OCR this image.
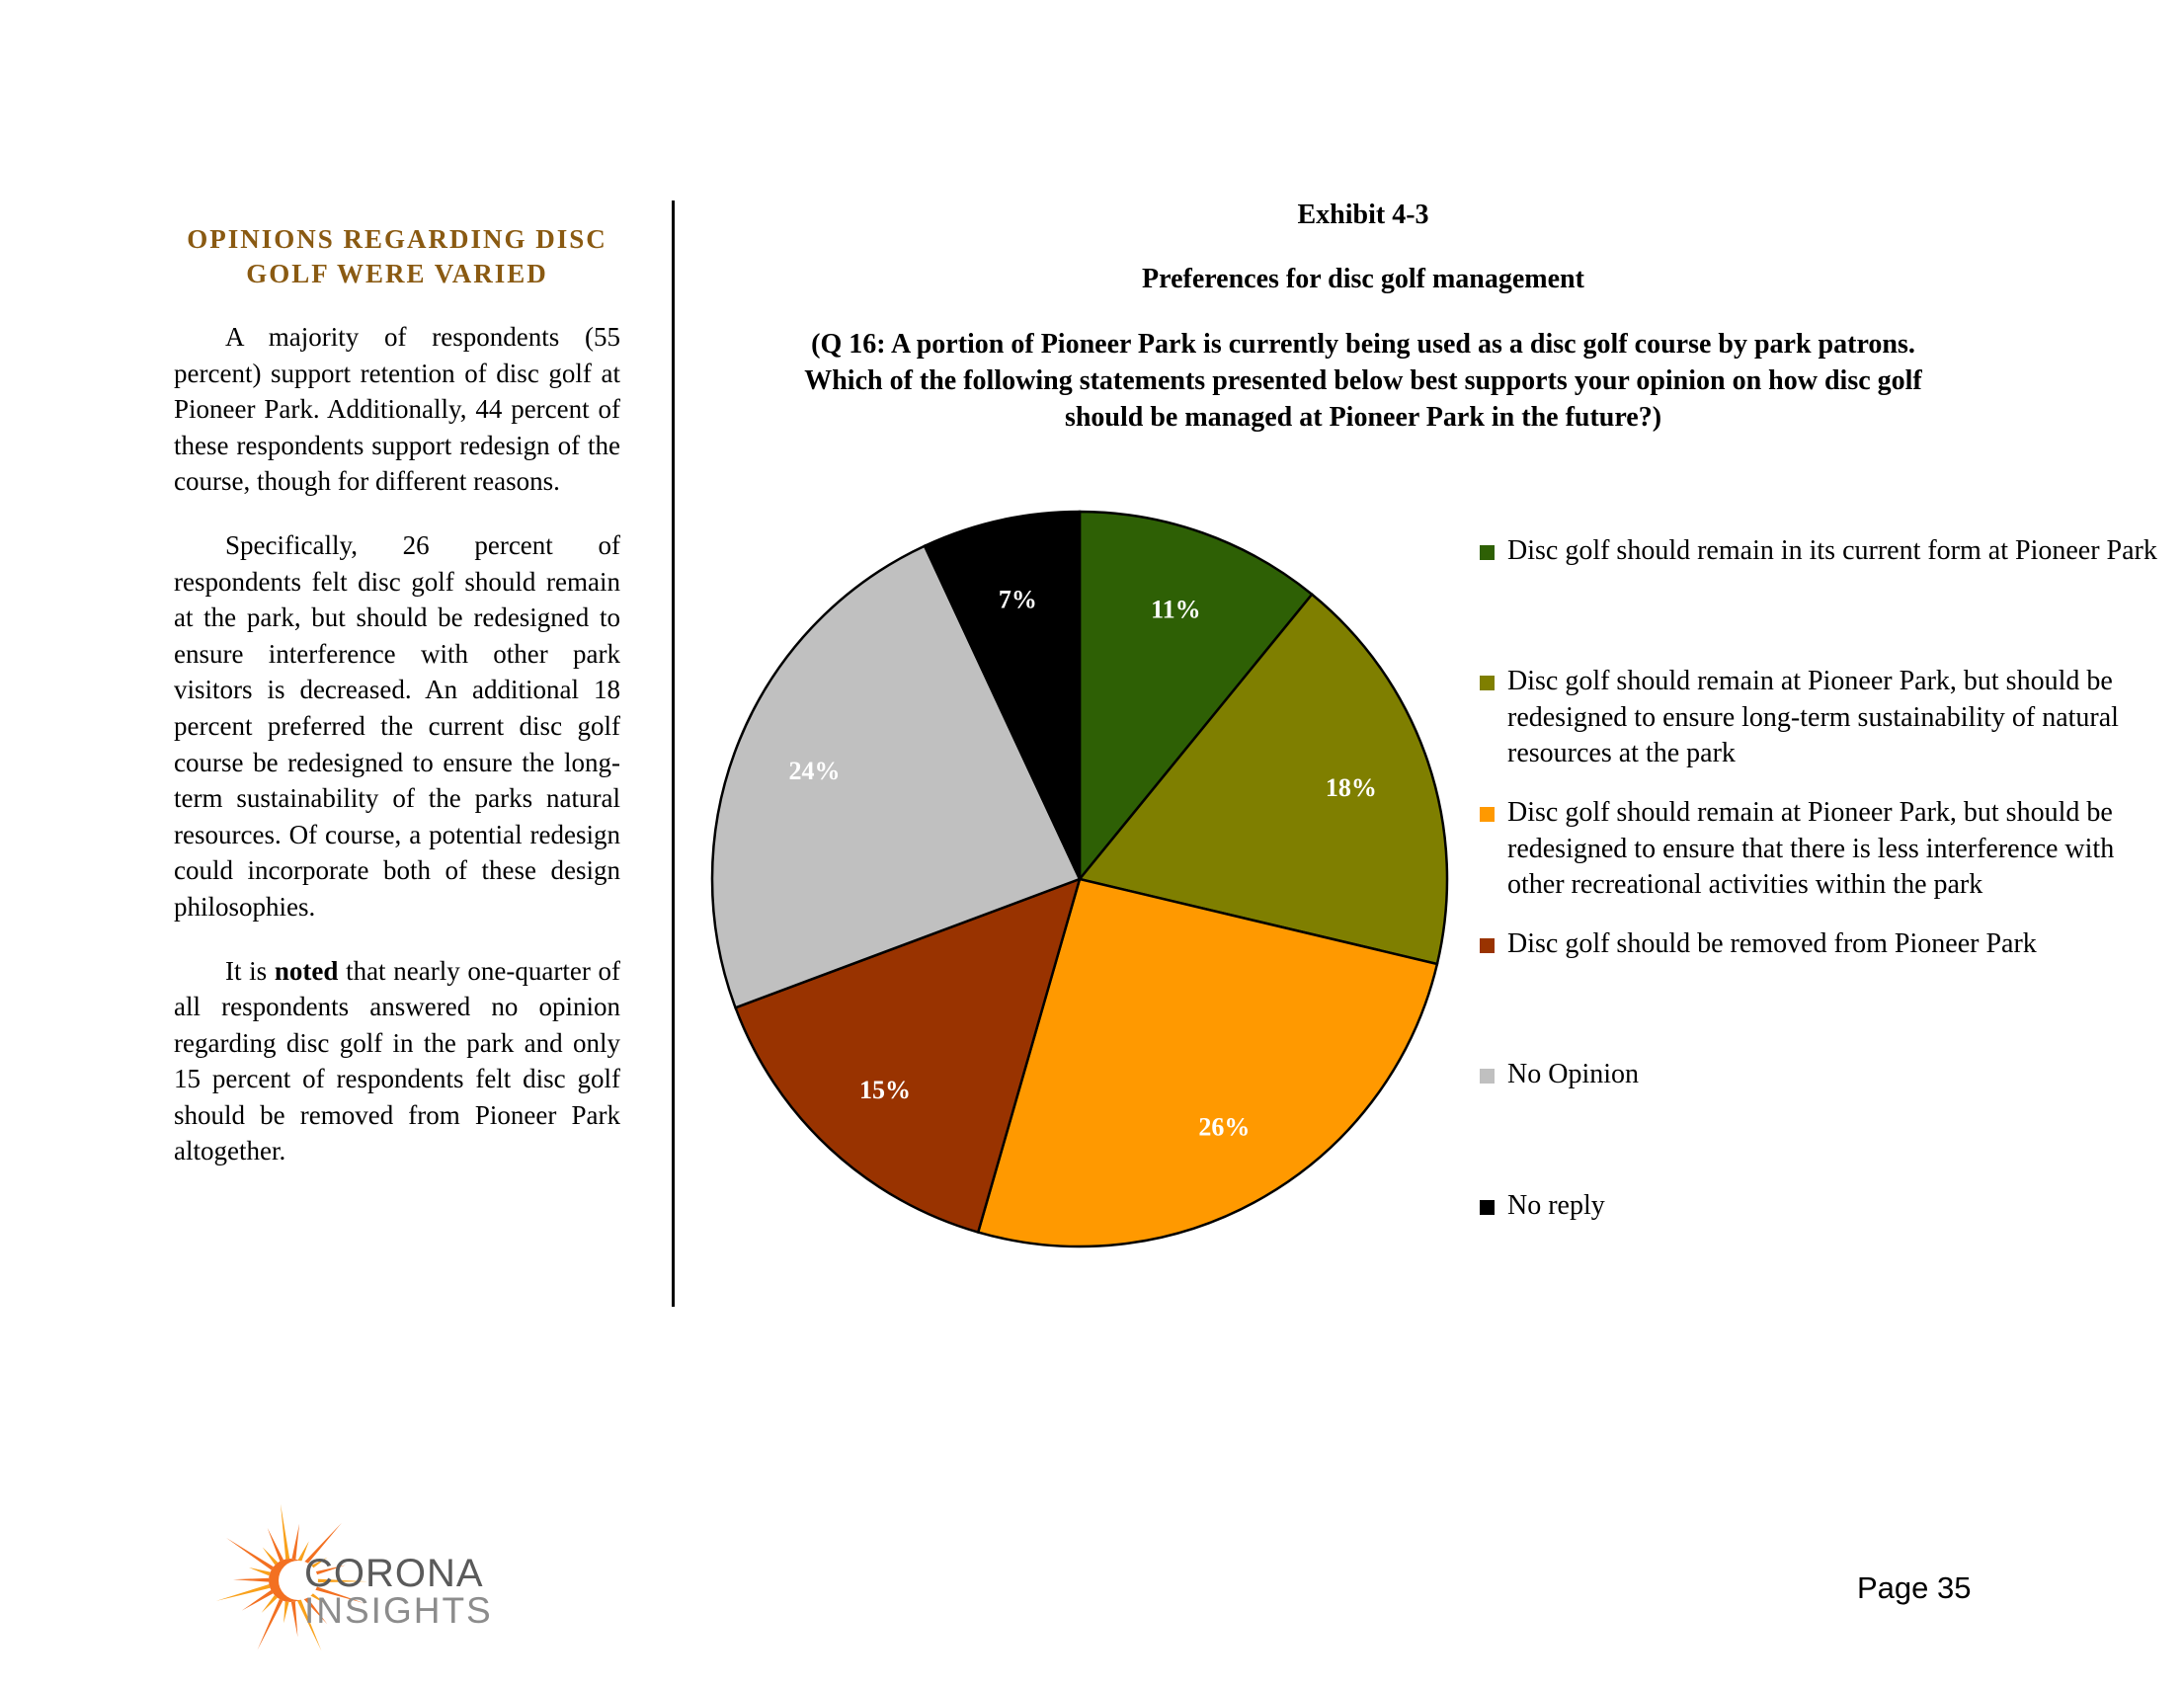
OPINIONS REGARDING DISC
GOLF WERE VARIED

A majority of respondents (55 percent) support retention of disc golf at Pioneer Park. Additionally, 44 percent of these respondents support redesign of the course, though for different reasons.

Specifically, 26 percent of respondents felt disc golf should remain at the park, but should be redesigned to ensure interference with other park visitors is decreased. An additional 18 percent preferred the current disc golf course be redesigned to ensure the long-term sustainability of the parks natural resources. Of course, a potential redesign could incorporate both of these design philosophies.

It is noted that nearly one-quarter of all respondents answered no opinion regarding disc golf in the park and only 15 percent of respondents felt disc golf should be removed from Pioneer Park altogether.

Exhibit 4-3
Preferences for disc golf management
(Q 16: A portion of Pioneer Park is currently being used as a disc golf course by park patrons.
Which of the following statements presented below best supports your opinion on how disc golf
should be managed at Pioneer Park in the future?)
11%
18%
26%
15%
24%
7%
Disc golf should remain in its current form at Pioneer Park
Disc golf should remain at Pioneer Park, but should be redesigned to ensure long-term sustainability of natural resources at the park
Disc golf should remain at Pioneer Park, but should be redesigned to ensure that there is less interference with other recreational activities within the park
Disc golf should be removed from Pioneer Park
No Opinion
No reply
CORONA
INSIGHTS
Page 35
